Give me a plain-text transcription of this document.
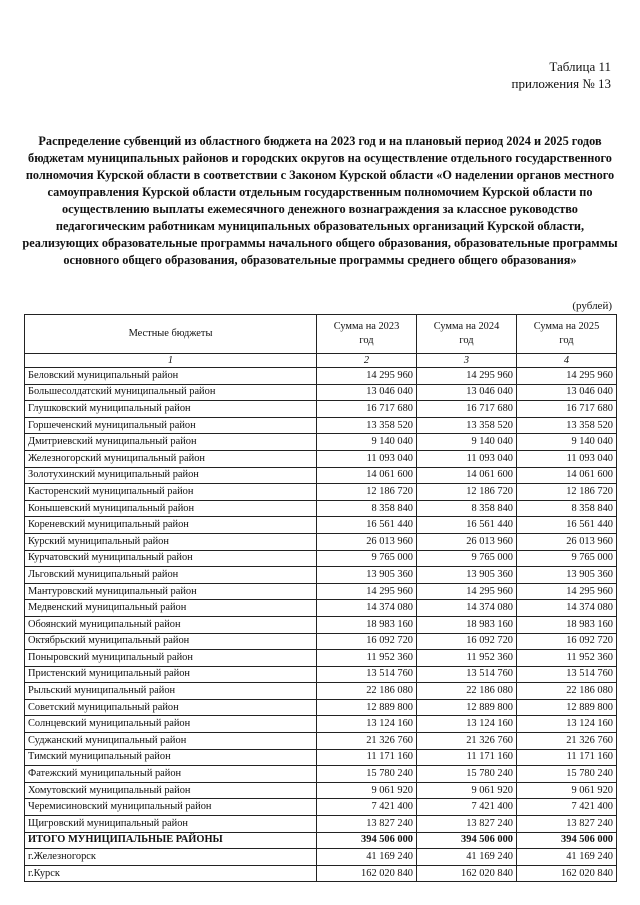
Таблица 11
приложения № 13
Распределение субвенций из областного бюджета на 2023 год и на плановый период 2024 и 2025 годов бюджетам муниципальных районов и городских округов на осуществление отдельного государственного полномочия Курской области в соответствии с Законом Курской области «О наделении органов местного самоуправления Курской области отдельным государственным полномочием Курской области по осуществлению выплаты ежемесячного денежного вознаграждения за классное руководство педагогическим работникам муниципальных образовательных организаций Курской области, реализующих образовательные программы начального общего образования, образовательные программы основного общего образования, образовательные программы среднего общего образования»
(рублей)
Местные бюджеты	Сумма на 2023 год	Сумма на 2024 год	Сумма на 2025 год
1	2	3	4
Беловский муниципальный район	14 295 960	14 295 960	14 295 960
Большесолдатский муниципальный район	13 046 040	13 046 040	13 046 040
Глушковский муниципальный район	16 717 680	16 717 680	16 717 680
Горшеченский муниципальный район	13 358 520	13 358 520	13 358 520
Дмитриевский муниципальный район	9 140 040	9 140 040	9 140 040
Железногорский муниципальный район	11 093 040	11 093 040	11 093 040
Золотухинский муниципальный район	14 061 600	14 061 600	14 061 600
Касторенский муниципальный район	12 186 720	12 186 720	12 186 720
Конышевский муниципальный район	8 358 840	8 358 840	8 358 840
Кореневский муниципальный район	16 561 440	16 561 440	16 561 440
Курский муниципальный район	26 013 960	26 013 960	26 013 960
Курчатовский муниципальный район	9 765 000	9 765 000	9 765 000
Льговский муниципальный район	13 905 360	13 905 360	13 905 360
Мантуровский муниципальный район	14 295 960	14 295 960	14 295 960
Медвенский муниципальный район	14 374 080	14 374 080	14 374 080
Обоянский муниципальный район	18 983 160	18 983 160	18 983 160
Октябрьский муниципальный район	16 092 720	16 092 720	16 092 720
Поныровский муниципальный район	11 952 360	11 952 360	11 952 360
Пристенский муниципальный район	13 514 760	13 514 760	13 514 760
Рыльский муниципальный район	22 186 080	22 186 080	22 186 080
Советский муниципальный район	12 889 800	12 889 800	12 889 800
Солнцевский муниципальный район	13 124 160	13 124 160	13 124 160
Суджанский муниципальный район	21 326 760	21 326 760	21 326 760
Тимский муниципальный район	11 171 160	11 171 160	11 171 160
Фатежский муниципальный район	15 780 240	15 780 240	15 780 240
Хомутовский муниципальный район	9 061 920	9 061 920	9 061 920
Черемисиновский муниципальный район	7 421 400	7 421 400	7 421 400
Щигровский муниципальный район	13 827 240	13 827 240	13 827 240
ИТОГО МУНИЦИПАЛЬНЫЕ РАЙОНЫ	394 506 000	394 506 000	394 506 000
г.Железногорск	41 169 240	41 169 240	41 169 240
г.Курск	162 020 840	162 020 840	162 020 840
